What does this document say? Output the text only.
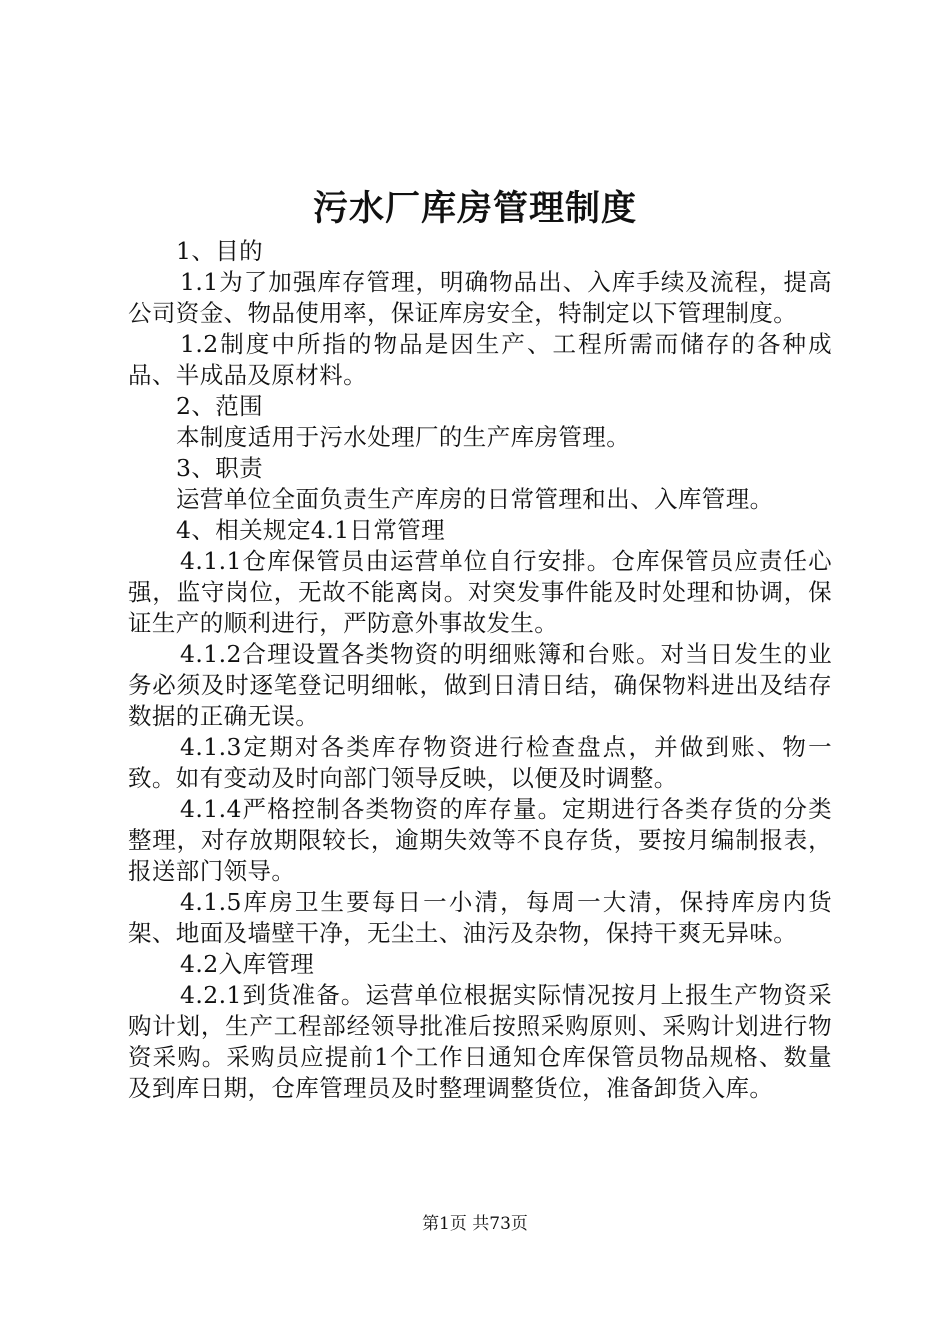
污水厂库房管理制度

1、目的

1.1为了加强库存管理，明确物品出、入库手续及流程，提高公司资金、物品使用率，保证库房安全，特制定以下管理制度。

1.2制度中所指的物品是因生产、工程所需而储存的各种成品、半成品及原材料。

2、范围

本制度适用于污水处理厂的生产库房管理。

3、职责

运营单位全面负责生产库房的日常管理和出、入库管理。

4、相关规定4.1日常管理

4.1.1仓库保管员由运营单位自行安排。仓库保管员应责任心强，监守岗位，无故不能离岗。对突发事件能及时处理和协调，保证生产的顺利进行，严防意外事故发生。

4.1.2合理设置各类物资的明细账簿和台账。对当日发生的业务必须及时逐笔登记明细帐，做到日清日结，确保物料进出及结存数据的正确无误。

4.1.3定期对各类库存物资进行检查盘点，并做到账、物一致。如有变动及时向部门领导反映，以便及时调整。

4.1.4严格控制各类物资的库存量。定期进行各类存货的分类整理，对存放期限较长，逾期失效等不良存货，要按月编制报表，报送部门领导。

4.1.5库房卫生要每日一小清，每周一大清，保持库房内货架、地面及墙壁干净，无尘土、油污及杂物，保持干爽无异味。

4.2入库管理

4.2.1到货准备。运营单位根据实际情况按月上报生产物资采购计划，生产工程部经领导批准后按照采购原则、采购计划进行物资采购。采购员应提前1个工作日通知仓库保管员物品规格、数量及到库日期，仓库管理员及时整理调整货位，准备卸货入库。

第1页 共73页
